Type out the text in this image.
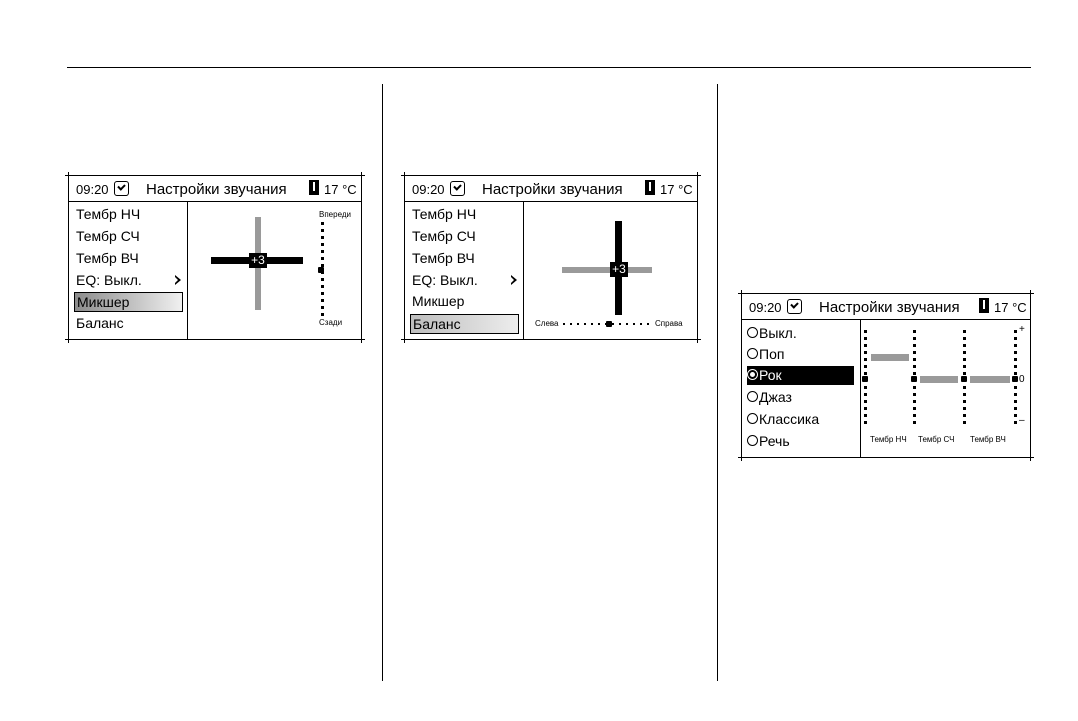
09:20 Настройки звучания	17 °C
Тембр НЧ
Тембр СЧ
Тембр ВЧ
EQ: Выкл.
Микшер
Баланс
+3
Впереди
Сзади
09:20 Настройки звучания	17 °C
Тембр НЧ
Тембр СЧ
Тембр ВЧ
EQ: Выкл.
Микшер
Баланс
+3
Слева	Справа
09:20 Настройки звучания	17 °C
Выкл.
Поп
Рок
Джаз
Классика
Речь
+
0
–
Тембр НЧ Тембр СЧ Тембр ВЧ
